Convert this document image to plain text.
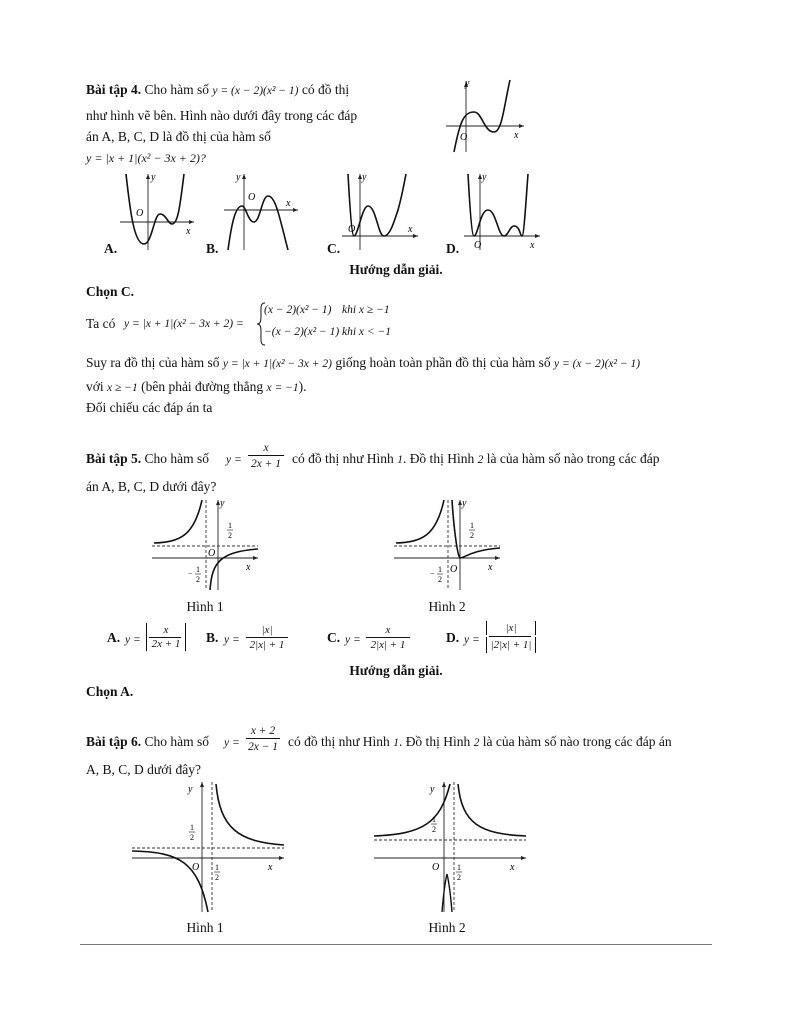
Bài tập 4. Cho hàm số y = (x − 2)(x² − 1) có đồ thị
như hình vẽ bên. Hình nào dưới đây trong các đáp
án A, B, C, D là đồ thị của hàm số
y = |x + 1|(x² − 3x + 2)?
y
O	x
y
O
x
y
O
x
y
O	x
y
O	x
A.	B.	C.	D.
Hướng dẫn giải.
Chọn C.
Ta có y = |x + 1|(x² − 3x + 2) =
(x − 2)(x² − 1) khi x ≥ −1
−(x − 2)(x² − 1) khi x < −1
Suy ra đồ thị của hàm số y = |x + 1|(x² − 3x + 2) giống hoàn toàn phần đồ thị của hàm số y = (x − 2)(x² − 1)
với x ≥ −1 (bên phải đường thẳng x = −1).
Đối chiếu các đáp án ta
Bài tập 5. Cho hàm số y =
x
2x + 1 có đồ thị như Hình 1. Đồ thị Hình 2 là của hàm số nào trong các đáp
án A, B, C, D dưới đây?
y
O
x
1
2
− 1
2
y
O	x
1
2
− 1
2
Hình 1	Hình 2
A. y =
x
2x + 1	B. y =
|x|
2|x| + 1	C. y =
x
2|x| + 1	D. y =
|x|
|2|x| + 1|
Hướng dẫn giải.
Chọn A.
Bài tập 6. Cho hàm số y =
x + 2
2x − 1 có đồ thị như Hình 1. Đồ thị Hình 2 là của hàm số nào trong các đáp án
A, B, C, D dưới đây?
y
O	x
1
2
1
2
y
O	x
1
2
1
2
Hình 1	Hình 2
